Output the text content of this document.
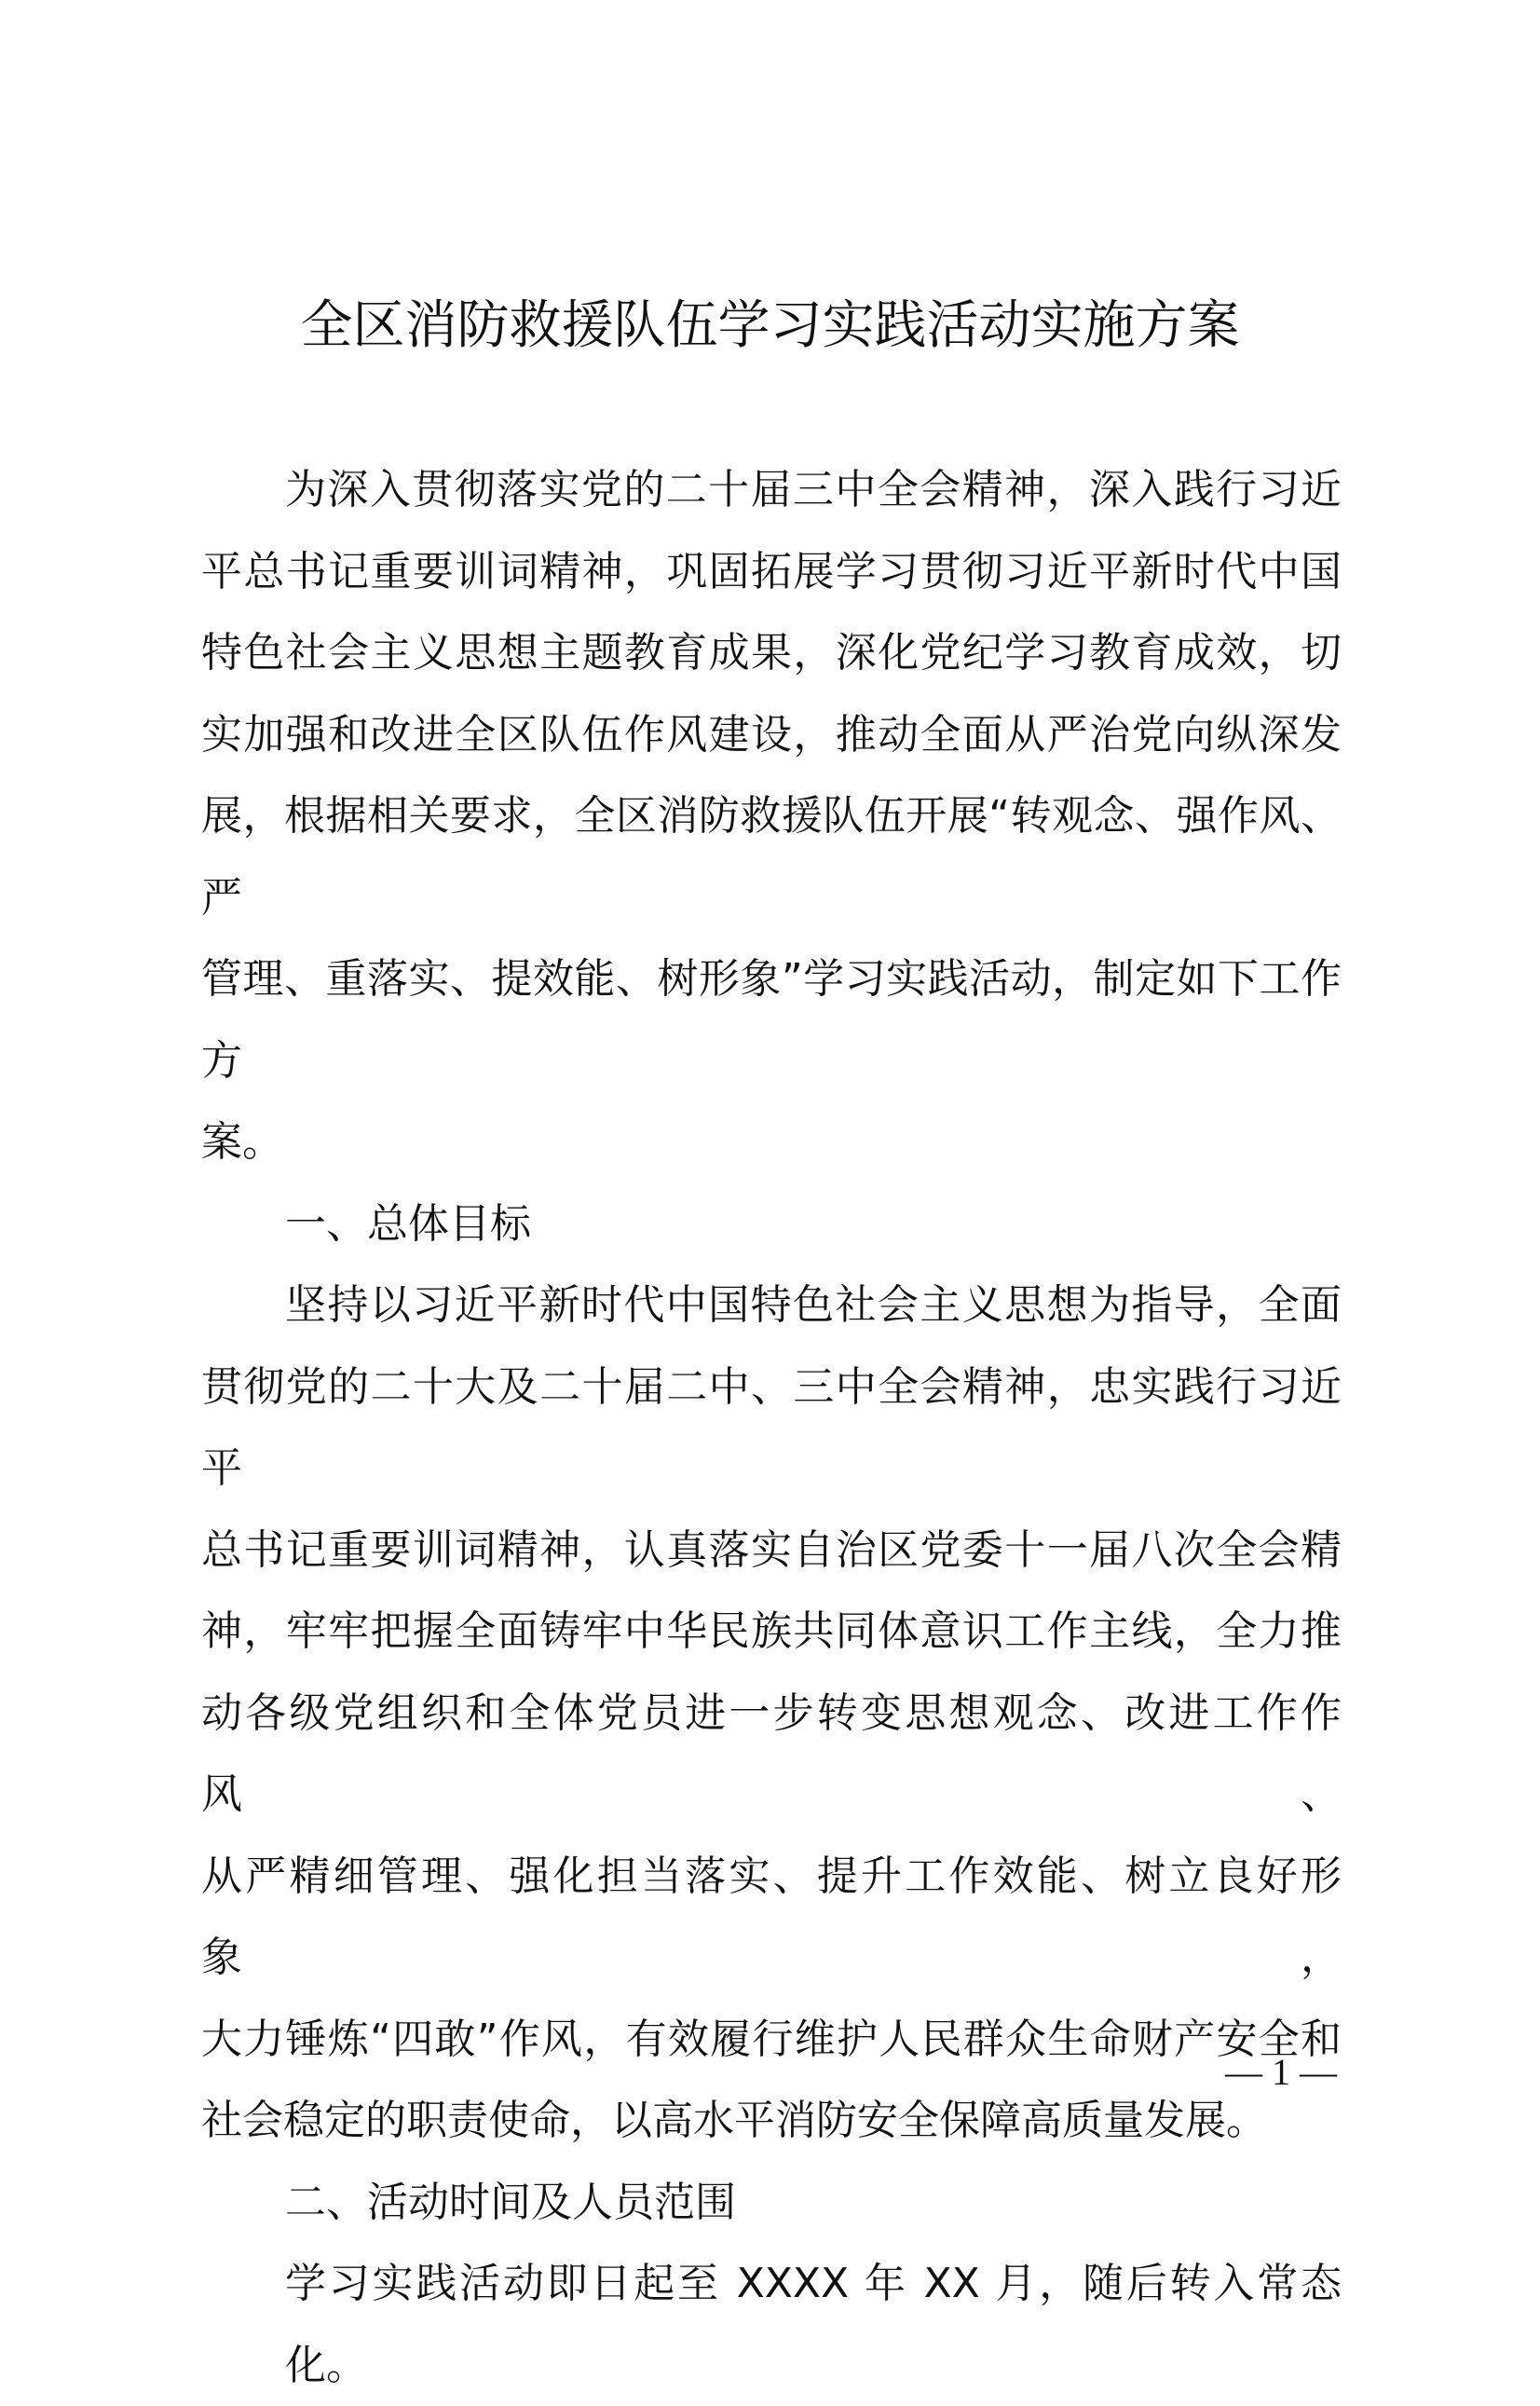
全区消防救援队伍学习实践活动实施方案
为深入贯彻落实党的二十届三中全会精神，深入践行习近
平总书记重要训词精神，巩固拓展学习贯彻习近平新时代中国
特色社会主义思想主题教育成果，深化党纪学习教育成效，切
实加强和改进全区队伍作风建设，推动全面从严治党向纵深发
展，根据相关要求，全区消防救援队伍开展“转观念、强作风、严
管理、重落实、提效能、树形象”学习实践活动，制定如下工作方
案。
一、总体目标
坚持以习近平新时代中国特色社会主义思想为指导，全面
贯彻党的二十大及二十届二中、三中全会精神，忠实践行习近平
总书记重要训词精神，认真落实自治区党委十一届八次全会精
神，牢牢把握全面铸牢中华民族共同体意识工作主线，全力推
动各级党组织和全体党员进一步转变思想观念、改进工作作风、
从严精细管理、强化担当落实、提升工作效能、树立良好形象，
大力锤炼“四敢”作风，有效履行维护人民群众生命财产安全和
社会稳定的职责使命，以高水平消防安全保障高质量发展。
二、活动时间及人员范围
学习实践活动即日起至 XXXX 年 XX 月，随后转入常态化。
— 1 —
